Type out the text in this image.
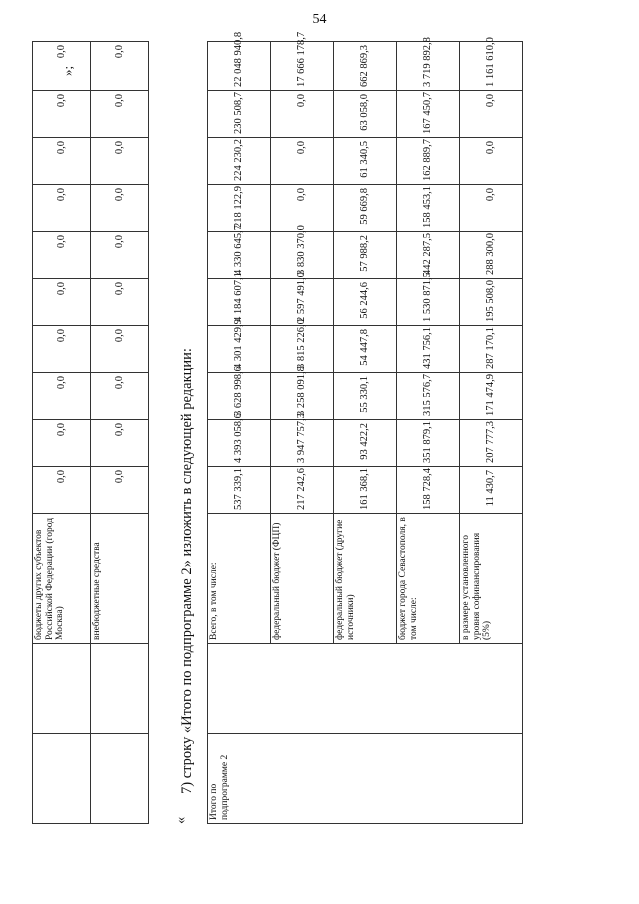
54
		бюджеты других субъектов Российской Федерации (город Москва)	0,0	0,0	0,0	0,0	0,0	0,0	0,0	0,0	0,0	0,0
		внебюджетные средства	0,0	0,0	0,0	0,0	0,0	0,0	0,0	0,0	0,0	0,0
»;
«
7) строку «Итого по подпрограмме 2» изложить в следующей редакции:
Итого по подпрограмме 2		Всего, в том числе:	537 339,1	4 393 058,6	3 628 998,6	4 301 429,9	4 184 607,1	4 330 645,7	218 122,9	224 230,2	230 508,7	22 048 940,8
		федеральный бюджет (ФЦП)	217 242,6	3 947 757,3	3 258 091,8	3 815 226,0	2 597 491,0	3 830 370,0	0,0	0,0	0,0	17 666 178,7
		федеральный бюджет (другие источники)	161 368,1	93 422,2	55 330,1	54 447,8	56 244,6	57 988,2	59 669,8	61 340,5	63 058,0	662 869,3
		бюджет города Севастополя, в том числе:	158 728,4	351 879,1	315 576,7	431 756,1	1 530 871,5	442 287,5	158 453,1	162 889,7	167 450,7	3 719 892,8
		в размере установленного уровня софинансирования (5%)	11 430,7	207 777,3	171 474,9	287 170,1	195 508,0	288 300,0	0,0	0,0	0,0	1 161 610,0
